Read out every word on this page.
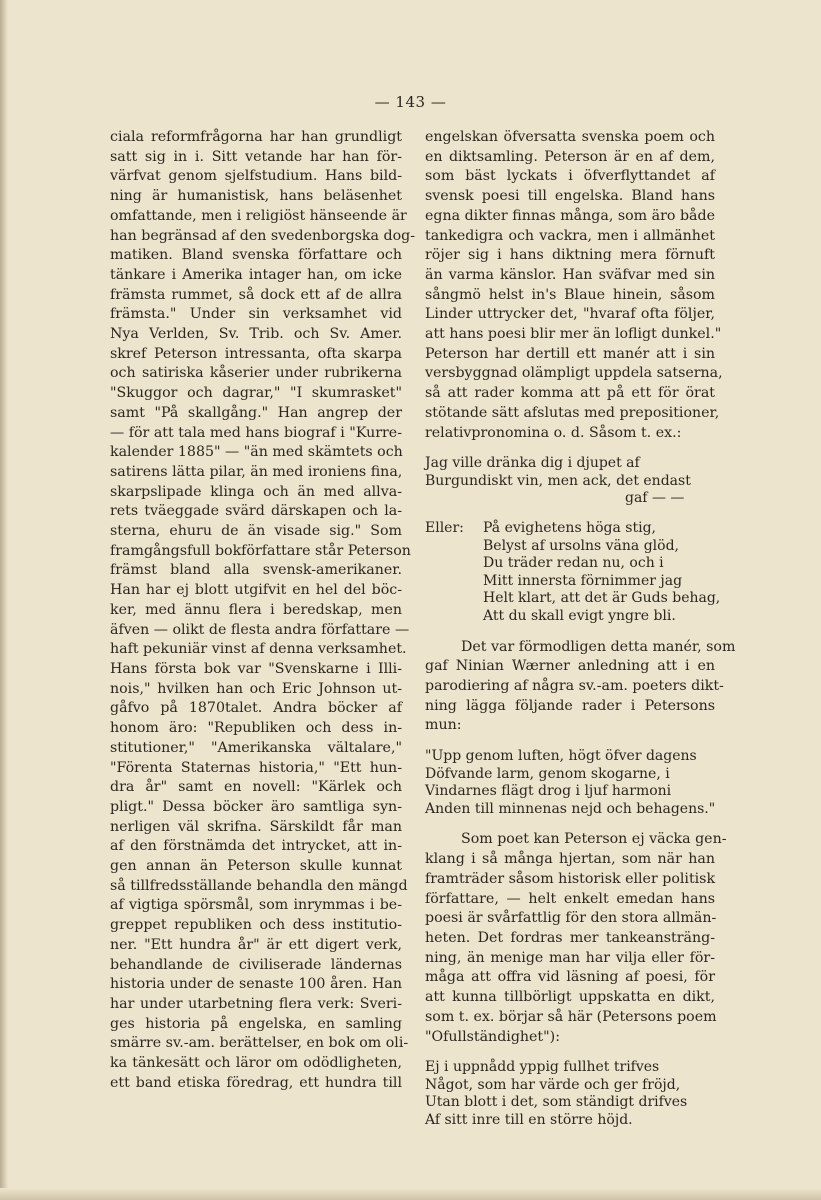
— 143 —

ciala reformfrågorna har han grundligt
satt sig in i. Sitt vetande har han för-
värfvat genom sjelfstudium. Hans bild-
ning är humanistisk, hans beläsenhet
omfattande, men i religiöst hänseende är
han begränsad af den svedenborgska dog-
matiken. Bland svenska författare och
tänkare i Amerika intager han, om icke
främsta rummet, så dock ett af de allra
främsta." Under sin verksamhet vid
Nya Verlden, Sv. Trib. och Sv. Amer.
skref Peterson intressanta, ofta skarpa
och satiriska kåserier under rubrikerna
"Skuggor och dagrar," "I skumrasket"
samt "På skallgång." Han angrep der
— för att tala med hans biograf i "Kurre-
kalender 1885" — "än med skämtets och
satirens lätta pilar, än med ironiens fina,
skarpslipade klinga och än med allva-
rets tväeggade svärd därskapen och la-
sterna, ehuru de än visade sig." Som
framgångsfull bokförfattare står Peterson
främst bland alla svensk-amerikaner.
Han har ej blott utgifvit en hel del böc-
ker, med ännu flera i beredskap, men
äfven — olikt de flesta andra författare —
haft pekuniär vinst af denna verksamhet.
Hans första bok var "Svenskarne i Illi-
nois," hvilken han och Eric Johnson ut-
gåfvo på 1870talet. Andra böcker af
honom äro: "Republiken och dess in-
stitutioner," "Amerikanska vältalare,"
"Förenta Staternas historia," "Ett hun-
dra år" samt en novell: "Kärlek och
pligt." Dessa böcker äro samtliga syn-
nerligen väl skrifna. Särskildt får man
af den förstnämda det intrycket, att in-
gen annan än Peterson skulle kunnat
så tillfredsställande behandla den mängd
af vigtiga spörsmål, som inrymmas i be-
greppet republiken och dess institutio-
ner. "Ett hundra år" är ett digert verk,
behandlande de civiliserade ländernas
historia under de senaste 100 åren. Han
har under utarbetning flera verk: Sveri-
ges historia på engelska, en samling
smärre sv.-am. berättelser, en bok om oli-
ka tänkesätt och läror om odödligheten,
ett band etiska föredrag, ett hundra till

engelskan öfversatta svenska poem och
en diktsamling. Peterson är en af dem,
som bäst lyckats i öfverflyttandet af
svensk poesi till engelska. Bland hans
egna dikter finnas många, som äro både
tankedigra och vackra, men i allmänhet
röjer sig i hans diktning mera förnuft
än varma känslor. Han sväfvar med sin
sångmö helst in's Blaue hinein, såsom
Linder uttrycker det, "hvaraf ofta följer,
att hans poesi blir mer än lofligt dunkel."
Peterson har dertill ett manér att i sin
versbyggnad olämpligt uppdela satserna,
så att rader komma att på ett för örat
stötande sätt afslutas med prepositioner,
relativpronomina o. d. Såsom t. ex.:

Jag ville dränka dig i djupet af
Burgundiskt vin, men ack, det endast
gaf — —
Eller:	På evighetens höga stig,
Belyst af ursolns väna glöd,
Du träder redan nu, och i
Mitt innersta förnimmer jag
Helt klart, att det är Guds behag,
Att du skall evigt yngre bli.

Det var förmodligen detta manér, som
gaf Ninian Wærner anledning att i en
parodiering af några sv.-am. poeters dikt-
ning lägga följande rader i Petersons
mun:

"Upp genom luften, högt öfver dagens
Döfvande larm, genom skogarne, i
Vindarnes flägt drog i ljuf harmoni
Anden till minnenas nejd och behagens."

Som poet kan Peterson ej väcka gen-
klang i så många hjertan, som när han
framträder såsom historisk eller politisk
författare, — helt enkelt emedan hans
poesi är svårfattlig för den stora allmän-
heten. Det fordras mer tankeansträng-
ning, än menige man har vilja eller för-
måga att offra vid läsning af poesi, för
att kunna tillbörligt uppskatta en dikt,
som t. ex. börjar så här (Petersons poem
"Ofullständighet"):

Ej i uppnådd yppig fullhet trifves
Något, som har värde och ger fröjd,
Utan blott i det, som ständigt drifves
Af sitt inre till en större höjd.
